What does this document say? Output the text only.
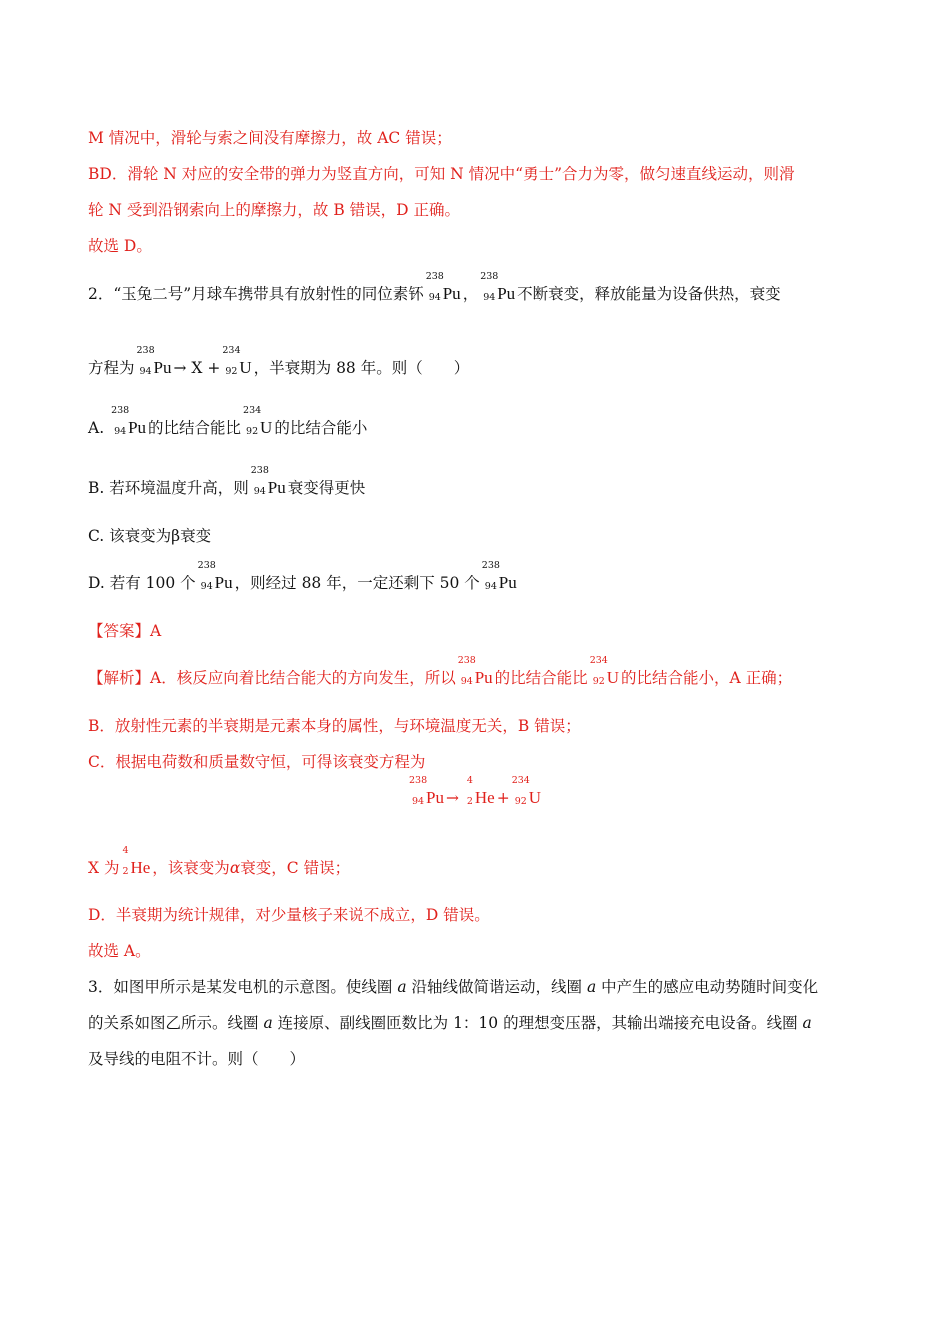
M 情况中，滑轮与索之间没有摩擦力，故 AC 错误；
BD．滑轮 N 对应的安全带的弹力为竖直方向，可知 N 情况中“勇士”合力为零，做匀速直线运动，则滑
轮 N 受到沿钢索向上的摩擦力，故 B 错误，D 正确。
故选 D。
2．“玉兔二号”月球车携带具有放射性的同位素钚
238
94 Pu ，
238
94 Pu 不断衰变，释放能量为设备供热，衰变
方程为
238
94 Pu → X +
234
92 U ，半衰期为 88 年。则（　　）
A.
238
94 Pu 的比结合能比
234
92 U 的比结合能小
B. 若环境温度升高，则
238
94 Pu 衰变得更快
C. 该衰变为β衰变
D. 若有 100 个
238
94 Pu ，则经过 88 年，一定还剩下 50 个
238
94 Pu
【答案】A
【解析】A．核反应向着比结合能大的方向发生，所以
238
94 Pu 的比结合能比
234
92 U 的比结合能小，A 正确；
B．放射性元素的半衰期是元素本身的属性，与环境温度无关，B 错误；
C．根据电荷数和质量数守恒，可得该衰变方程为
238
94 Pu →
4
2 He +
234
92 U
X 为
4
2 He ，该衰变为α衰变，C 错误；
D．半衰期为统计规律，对少量核子来说不成立，D 错误。
故选 A。
3．如图甲所示是某发电机的示意图。使线圈 a 沿轴线做简谐运动，线圈 a 中产生的感应电动势随时间变化
的关系如图乙所示。线圈 a 连接原、副线圈匝数比为 1：10 的理想变压器，其输出端接充电设备。线圈 a
及导线的电阻不计。则（　　）
